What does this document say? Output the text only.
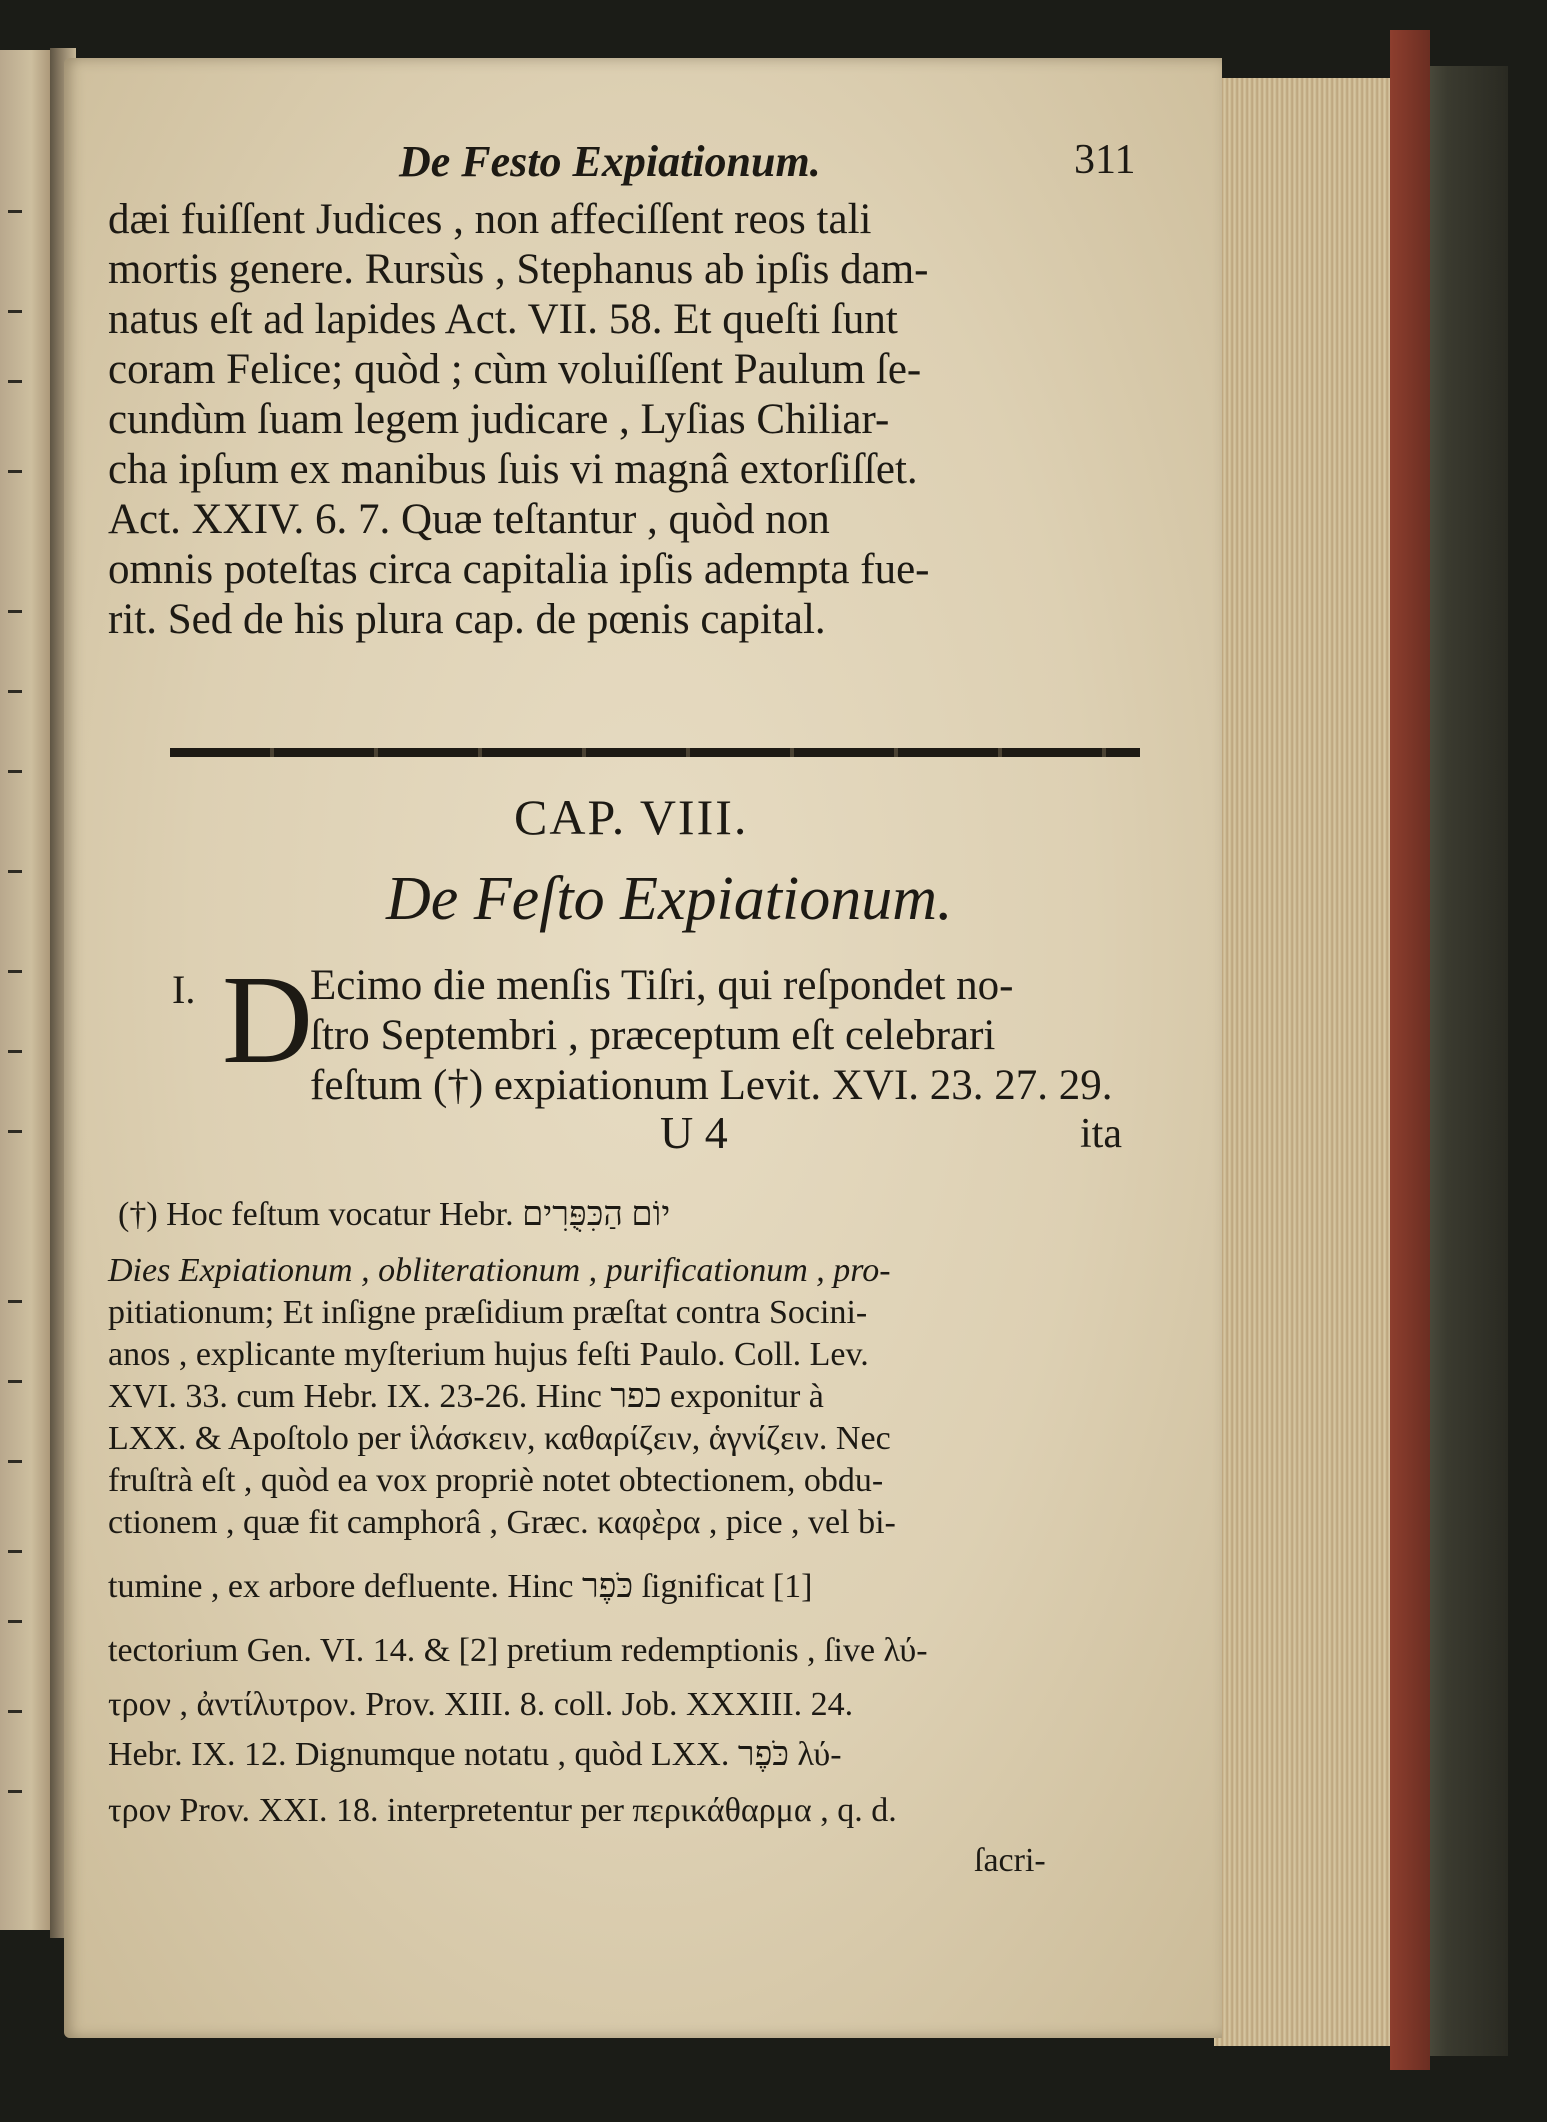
De Festo Expiationum.	311
dæi fuiſſent Judices , non affeciſſent reos tali
mortis genere. Rursùs , Stephanus ab ipſis dam-
natus eſt ad lapides Act. VII. 58. Et queſti ſunt
coram Felice; quòd ; cùm voluiſſent Paulum ſe-
cundùm ſuam legem judicare , Lyſias Chiliar-
cha ipſum ex manibus ſuis vi magnâ extorſiſſet.
Act. XXIV. 6. 7. Quæ teſtantur , quòd non
omnis poteſtas circa capitalia ipſis adempta fue-
rit. Sed de his plura cap. de pœnis capital.
CAP. VIII.
De Feſto Expiationum.
I. D
Ecimo die menſis Tiſri, qui reſpondet no-
ſtro Septembri , præceptum eſt celebrari
feſtum (†) expiationum Levit. XVI. 23. 27. 29.
U 4	ita
(†) Hoc feſtum vocatur Hebr. יוֹם הַכִּפֻּרִים
Dies Expiationum , obliterationum , purificationum , pro-
pitiationum; Et inſigne præſidium præſtat contra Socini-
anos , explicante myſterium hujus feſti Paulo. Coll. Lev.
XVI. 33. cum Hebr. IX. 23-26. Hinc כפר exponitur à
LXX. & Apoſtolo per ἱλάσκειν, καθαρίζειν, ἁγνίζειν. Nec
fruſtrà eſt , quòd ea vox propriè notet obtectionem, obdu-
ctionem , quæ fit camphorâ , Græc. καφὲρα , pice , vel bi-
tumine , ex arbore defluente. Hinc כֹּפֶר ſignificat [1]
tectorium Gen. VI. 14. & [2] pretium redemptionis , ſive λύ-
τρον , ἀντίλυτρον. Prov. XIII. 8. coll. Job. XXXIII. 24.
Hebr. IX. 12. Dignumque notatu , quòd LXX. כֹּפֶר λύ-
τρον Prov. XXI. 18. interpretentur per περικάθαρμα , q. d.
ſacri-
